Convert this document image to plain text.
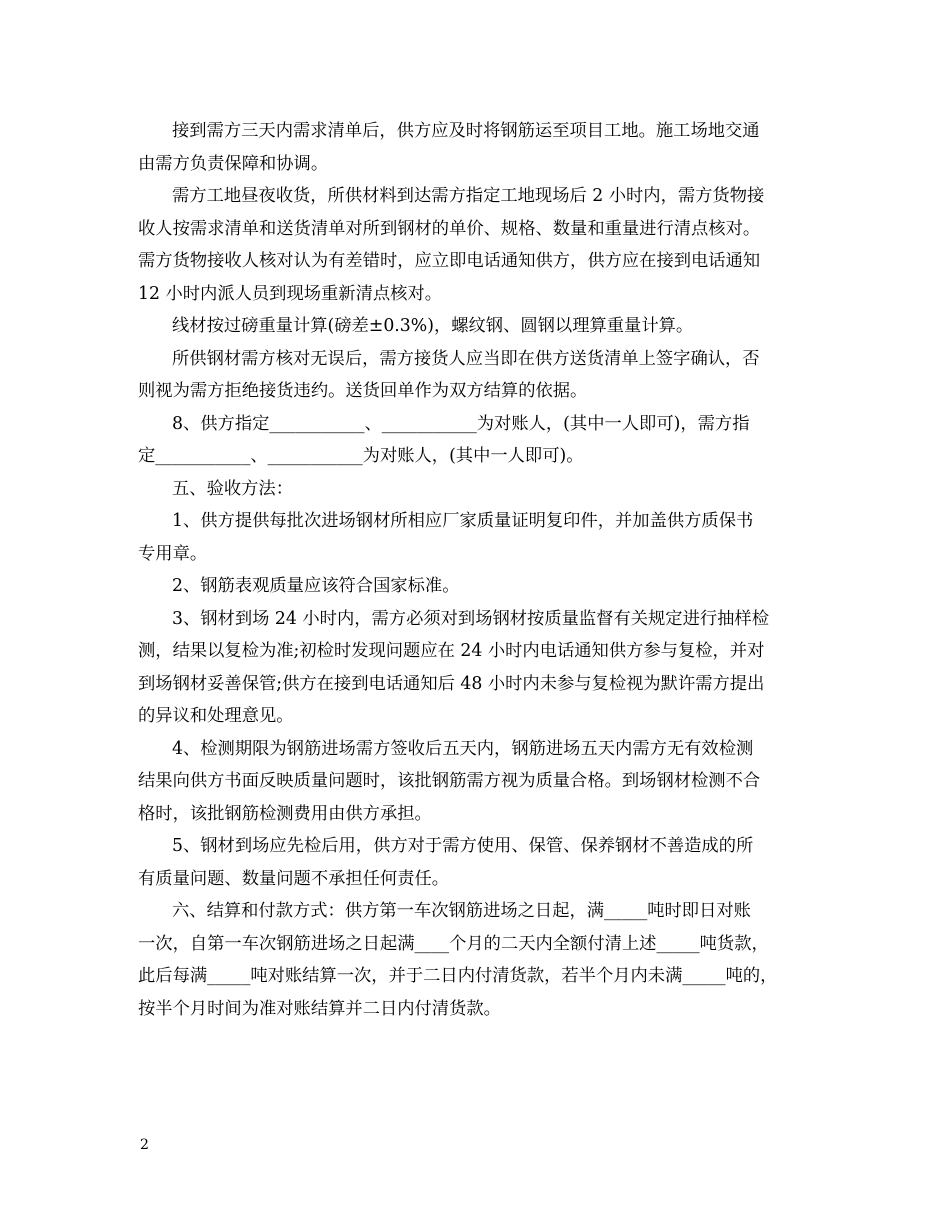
接到需方三天内需求清单后，供方应及时将钢筋运至项目工地。施工场地交通
由需方负责保障和协调。
需方工地昼夜收货，所供材料到达需方指定工地现场后 2 小时内，需方货物接
收人按需求清单和送货清单对所到钢材的单价、规格、数量和重量进行清点核对。
需方货物接收人核对认为有差错时，应立即电话通知供方，供方应在接到电话通知
12 小时内派人员到现场重新清点核对。
线材按过磅重量计算(磅差±0.3%)，螺纹钢、圆钢以理算重量计算。
所供钢材需方核对无误后，需方接货人应当即在供方送货清单上签字确认，否
则视为需方拒绝接货违约。送货回单作为双方结算的依据。
8、供方指定___________、___________为对账人，(其中一人即可)，需方指
定___________、___________为对账人，(其中一人即可)。
五、验收方法：
1、供方提供每批次进场钢材所相应厂家质量证明复印件，并加盖供方质保书
专用章。
2、钢筋表观质量应该符合国家标准。
3、钢材到场 24 小时内，需方必须对到场钢材按质量监督有关规定进行抽样检
测，结果以复检为准;初检时发现问题应在 24 小时内电话通知供方参与复检，并对
到场钢材妥善保管;供方在接到电话通知后 48 小时内未参与复检视为默许需方提出
的异议和处理意见。
4、检测期限为钢筋进场需方签收后五天内，钢筋进场五天内需方无有效检测
结果向供方书面反映质量问题时，该批钢筋需方视为质量合格。到场钢材检测不合
格时，该批钢筋检测费用由供方承担。
5、钢材到场应先检后用，供方对于需方使用、保管、保养钢材不善造成的所
有质量问题、数量问题不承担任何责任。
六、结算和付款方式：供方第一车次钢筋进场之日起，满_____吨时即日对账
一次，自第一车次钢筋进场之日起满____个月的二天内全额付清上述_____吨货款，
此后每满_____吨对账结算一次，并于二日内付清货款，若半个月内未满_____吨的，
按半个月时间为准对账结算并二日内付清货款。
2
